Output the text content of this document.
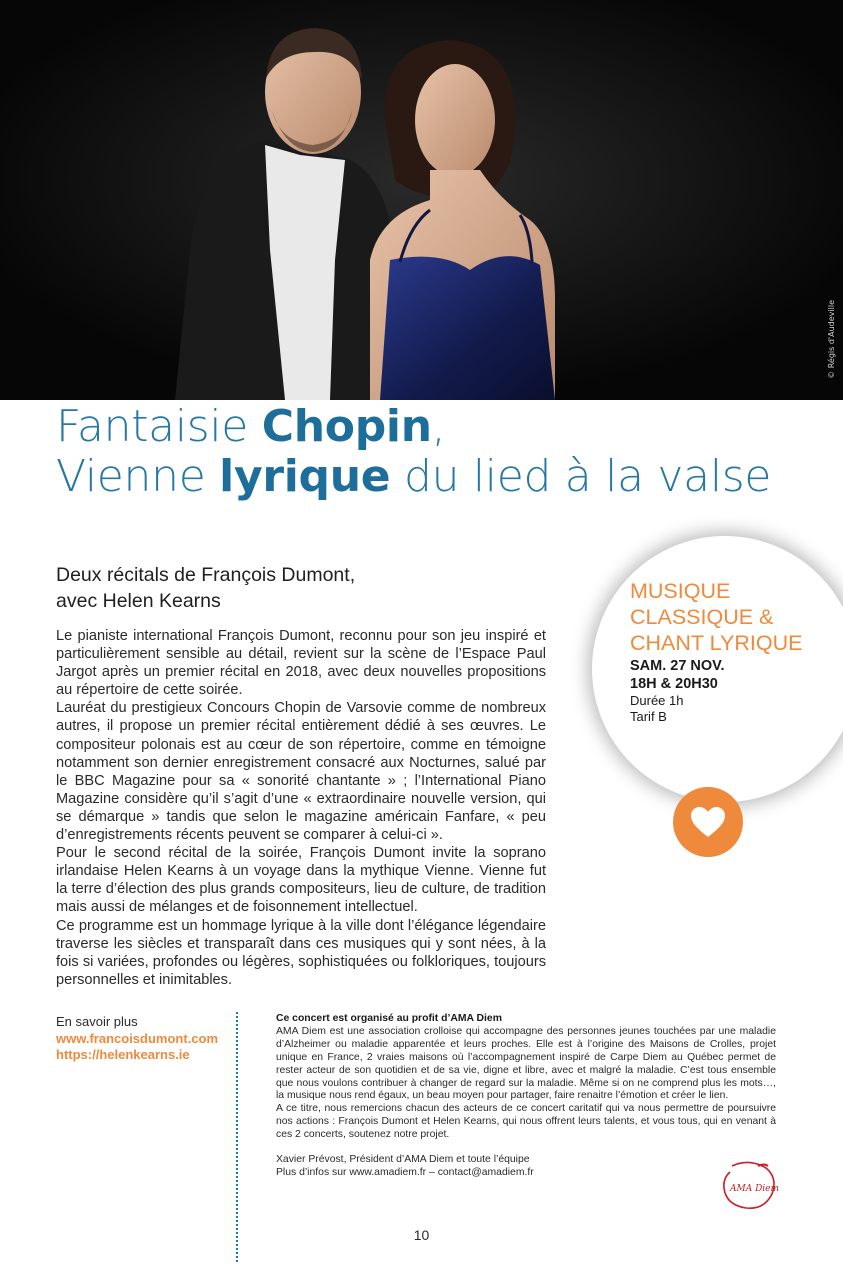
© Régis d'Audeville
Fantaisie Chopin,
Vienne lyrique du lied à la valse
Deux récitals de François Dumont,
avec Helen Kearns

Le pianiste international François Dumont, reconnu pour son jeu inspiré et particulièrement sensible au détail, revient sur la scène de l’Espace Paul Jargot après un premier récital en 2018, avec deux nouvelles propositions au répertoire de cette soirée.

Lauréat du prestigieux Concours Chopin de Varsovie comme de nombreux autres, il propose un premier récital entièrement dédié à ses œuvres. Le compositeur polonais est au cœur de son répertoire, comme en témoigne notamment son dernier enregistrement consacré aux Nocturnes, salué par le BBC Magazine pour sa « sonorité chantante » ; l’International Piano Magazine considère qu’il s’agit d’une « extraordinaire nouvelle version, qui se démarque » tandis que selon le magazine américain Fanfare, « peu d’enregistrements récents peuvent se comparer à celui-ci ».

Pour le second récital de la soirée, François Dumont invite la soprano irlandaise Helen Kearns à un voyage dans la mythique Vienne. Vienne fut la terre d’élection des plus grands compositeurs, lieu de culture, de tradition mais aussi de mélanges et de foisonnement intellectuel.

Ce programme est un hommage lyrique à la ville dont l’élégance légendaire traverse les siècles et transparaît dans ces musiques qui y sont nées, à la fois si variées, profondes ou légères, sophistiquées ou folkloriques, toujours personnelles et inimitables.

MUSIQUE
CLASSIQUE &
CHANT LYRIQUE
SAM. 27 NOV.
18H & 20H30
Durée 1h
Tarif B
En savoir plus
www.francoisdumont.com
https://helenkearns.ie
Ce concert est organisé au profit d’AMA Diem

AMA Diem est une association crolloise qui accompagne des personnes jeunes touchées par une maladie d’Alzheimer ou maladie apparentée et leurs proches. Elle est à l’origine des Maisons de Crolles, projet unique en France, 2 vraies maisons où l’accompagnement inspiré de Carpe Diem au Québec permet de rester acteur de son quotidien et de sa vie, digne et libre, avec et malgré la maladie. C’est tous ensemble que nous voulons contribuer à changer de regard sur la maladie. Même si on ne comprend plus les mots…, la musique nous rend égaux, un beau moyen pour partager, faire renaitre l’émotion et créer le lien.

A ce titre, nous remercions chacun des acteurs de ce concert caritatif qui va nous permettre de poursuivre nos actions : François Dumont et Helen Kearns, qui nous offrent leurs talents, et vous tous, qui en venant à ces 2 concerts, soutenez notre projet.

Xavier Prévost, Président d’AMA Diem et toute l’équipe
Plus d’infos sur www.amadiem.fr – contact@amadiem.fr
AMA Diem
10
